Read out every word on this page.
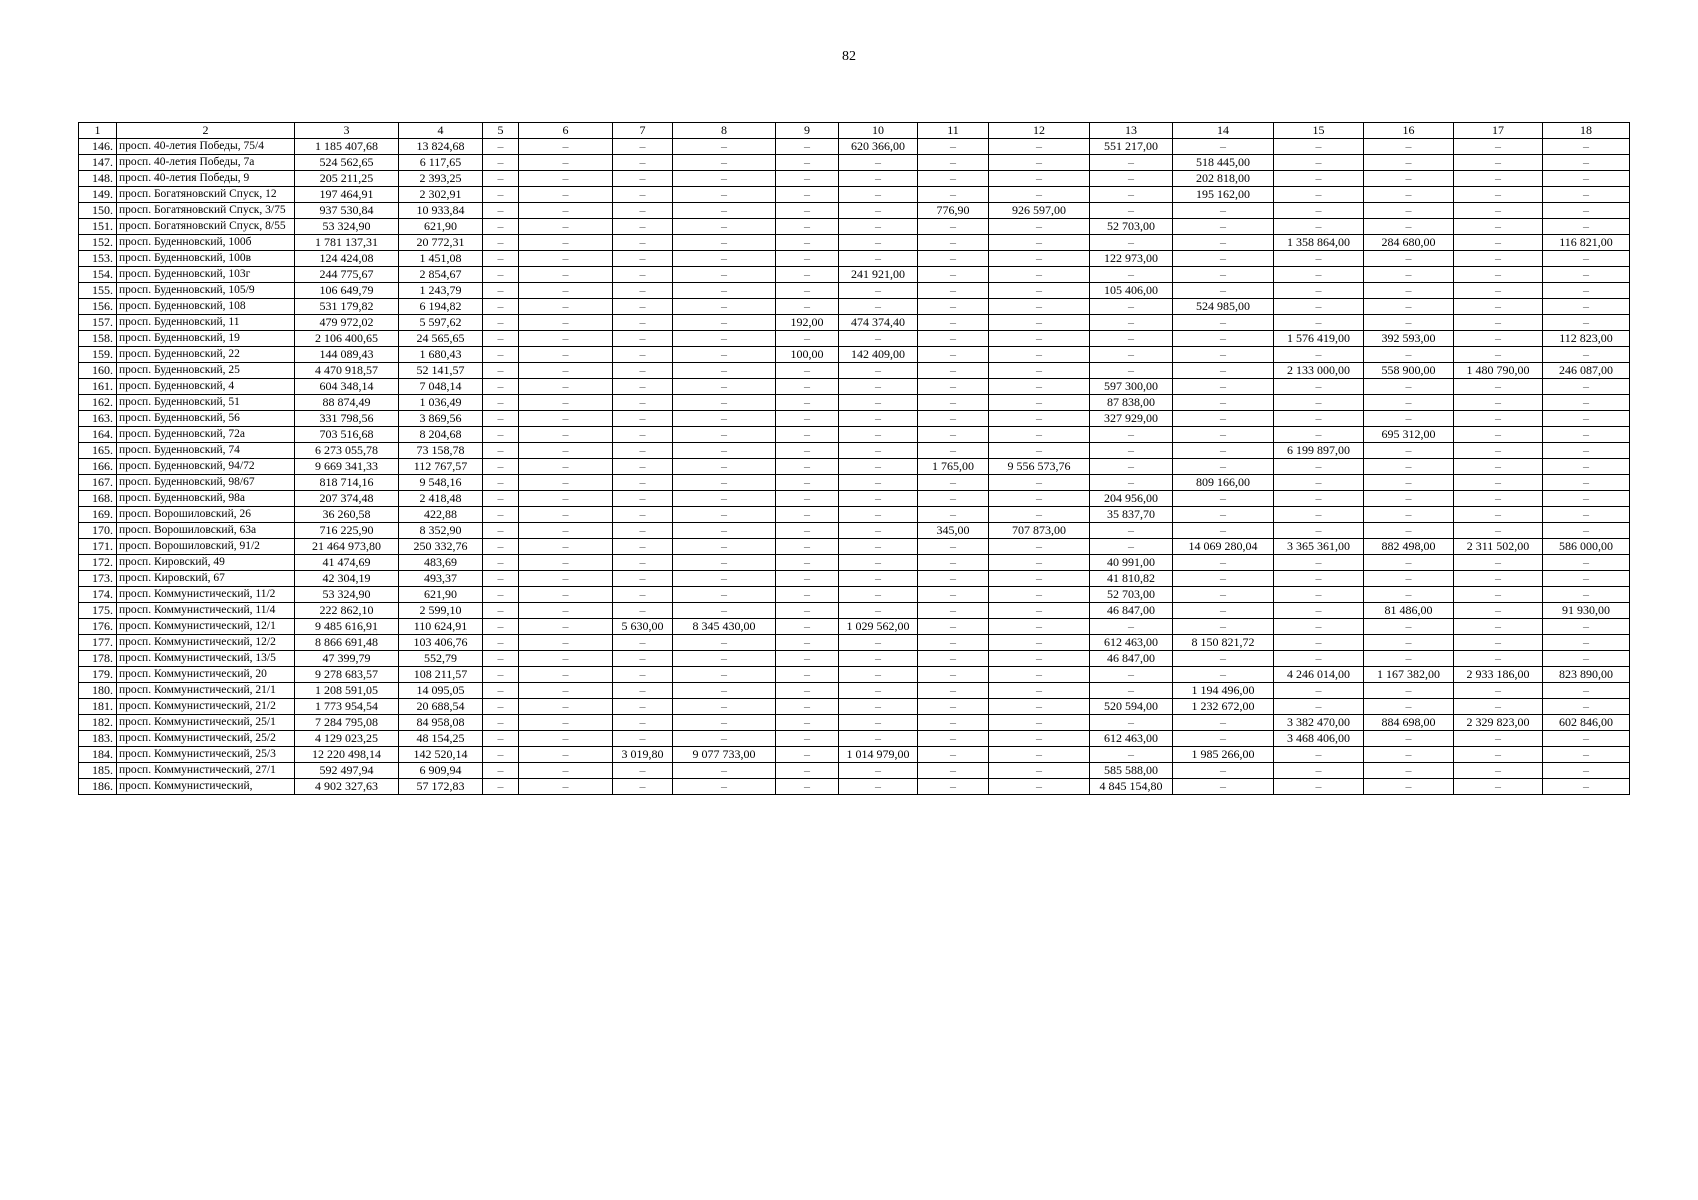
82
1	2	3	4	5	6	7	8	9	10	11	12	13	14	15	16	17	18
146.	просп. 40-летия Победы, 75/4	1 185 407,68	13 824,68	–	–	–	–	–	620 366,00	–	–	551 217,00	–	–	–	–	–
147.	просп. 40-летия Победы, 7а	524 562,65	6 117,65	–	–	–	–	–	–	–	–	–	518 445,00	–	–	–	–
148.	просп. 40-летия Победы, 9	205 211,25	2 393,25	–	–	–	–	–	–	–	–	–	202 818,00	–	–	–	–
149.	просп. Богатяновский Спуск, 12	197 464,91	2 302,91	–	–	–	–	–	–	–	–	–	195 162,00	–	–	–	–
150.	просп. Богатяновский Спуск, 3/75	937 530,84	10 933,84	–	–	–	–	–	–	776,90	926 597,00	–	–	–	–	–	–
151.	просп. Богатяновский Спуск, 8/55	53 324,90	621,90	–	–	–	–	–	–	–	–	52 703,00	–	–	–	–	–
152.	просп. Буденновский, 100б	1 781 137,31	20 772,31	–	–	–	–	–	–	–	–	–	–	1 358 864,00	284 680,00	–	116 821,00
153.	просп. Буденновский, 100в	124 424,08	1 451,08	–	–	–	–	–	–	–	–	122 973,00	–	–	–	–	–
154.	просп. Буденновский, 103г	244 775,67	2 854,67	–	–	–	–	–	241 921,00	–	–	–	–	–	–	–	–
155.	просп. Буденновский, 105/9	106 649,79	1 243,79	–	–	–	–	–	–	–	–	105 406,00	–	–	–	–	–
156.	просп. Буденновский, 108	531 179,82	6 194,82	–	–	–	–	–	–	–	–	–	524 985,00	–	–	–	–
157.	просп. Буденновский, 11	479 972,02	5 597,62	–	–	–	–	192,00	474 374,40	–	–	–	–	–	–	–	–
158.	просп. Буденновский, 19	2 106 400,65	24 565,65	–	–	–	–	–	–	–	–	–	–	1 576 419,00	392 593,00	–	112 823,00
159.	просп. Буденновский, 22	144 089,43	1 680,43	–	–	–	–	100,00	142 409,00	–	–	–	–	–	–	–	–
160.	просп. Буденновский, 25	4 470 918,57	52 141,57	–	–	–	–	–	–	–	–	–	–	2 133 000,00	558 900,00	1 480 790,00	246 087,00
161.	просп. Буденновский, 4	604 348,14	7 048,14	–	–	–	–	–	–	–	–	597 300,00	–	–	–	–	–
162.	просп. Буденновский, 51	88 874,49	1 036,49	–	–	–	–	–	–	–	–	87 838,00	–	–	–	–	–
163.	просп. Буденновский, 56	331 798,56	3 869,56	–	–	–	–	–	–	–	–	327 929,00	–	–	–	–	–
164.	просп. Буденновский, 72а	703 516,68	8 204,68	–	–	–	–	–	–	–	–	–	–	–	695 312,00	–	–
165.	просп. Буденновский, 74	6 273 055,78	73 158,78	–	–	–	–	–	–	–	–	–	–	6 199 897,00	–	–	–
166.	просп. Буденновский, 94/72	9 669 341,33	112 767,57	–	–	–	–	–	–	1 765,00	9 556 573,76	–	–	–	–	–	–
167.	просп. Буденновский, 98/67	818 714,16	9 548,16	–	–	–	–	–	–	–	–	–	809 166,00	–	–	–	–
168.	просп. Буденновский, 98а	207 374,48	2 418,48	–	–	–	–	–	–	–	–	204 956,00	–	–	–	–	–
169.	просп. Ворошиловский, 26	36 260,58	422,88	–	–	–	–	–	–	–	–	35 837,70	–	–	–	–	–
170.	просп. Ворошиловский, 63а	716 225,90	8 352,90	–	–	–	–	–	–	345,00	707 873,00	–	–	–	–	–	–
171.	просп. Ворошиловский, 91/2	21 464 973,80	250 332,76	–	–	–	–	–	–	–	–	–	14 069 280,04	3 365 361,00	882 498,00	2 311 502,00	586 000,00
172.	просп. Кировский, 49	41 474,69	483,69	–	–	–	–	–	–	–	–	40 991,00	–	–	–	–	–
173.	просп. Кировский, 67	42 304,19	493,37	–	–	–	–	–	–	–	–	41 810,82	–	–	–	–	–
174.	просп. Коммунистический, 11/2	53 324,90	621,90	–	–	–	–	–	–	–	–	52 703,00	–	–	–	–	–
175.	просп. Коммунистический, 11/4	222 862,10	2 599,10	–	–	–	–	–	–	–	–	46 847,00	–	–	81 486,00	–	91 930,00
176.	просп. Коммунистический, 12/1	9 485 616,91	110 624,91	–	–	5 630,00	8 345 430,00	–	1 029 562,00	–	–	–	–	–	–	–	–
177.	просп. Коммунистический, 12/2	8 866 691,48	103 406,76	–	–	–	–	–	–	–	–	612 463,00	8 150 821,72	–	–	–	–
178.	просп. Коммунистический, 13/5	47 399,79	552,79	–	–	–	–	–	–	–	–	46 847,00	–	–	–	–	–
179.	просп. Коммунистический, 20	9 278 683,57	108 211,57	–	–	–	–	–	–	–	–	–	–	4 246 014,00	1 167 382,00	2 933 186,00	823 890,00
180.	просп. Коммунистический, 21/1	1 208 591,05	14 095,05	–	–	–	–	–	–	–	–	–	1 194 496,00	–	–	–	–
181.	просп. Коммунистический, 21/2	1 773 954,54	20 688,54	–	–	–	–	–	–	–	–	520 594,00	1 232 672,00	–	–	–	–
182.	просп. Коммунистический, 25/1	7 284 795,08	84 958,08	–	–	–	–	–	–	–	–	–	–	3 382 470,00	884 698,00	2 329 823,00	602 846,00
183.	просп. Коммунистический, 25/2	4 129 023,25	48 154,25	–	–	–	–	–	–	–	–	612 463,00	–	3 468 406,00	–	–	–
184.	просп. Коммунистический, 25/3	12 220 498,14	142 520,14	–	–	3 019,80	9 077 733,00	–	1 014 979,00	–	–	–	1 985 266,00	–	–	–	–
185.	просп. Коммунистический, 27/1	592 497,94	6 909,94	–	–	–	–	–	–	–	–	585 588,00	–	–	–	–	–
186.	просп. Коммунистический,	4 902 327,63	57 172,83	–	–	–	–	–	–	–	–	4 845 154,80	–	–	–	–	–
